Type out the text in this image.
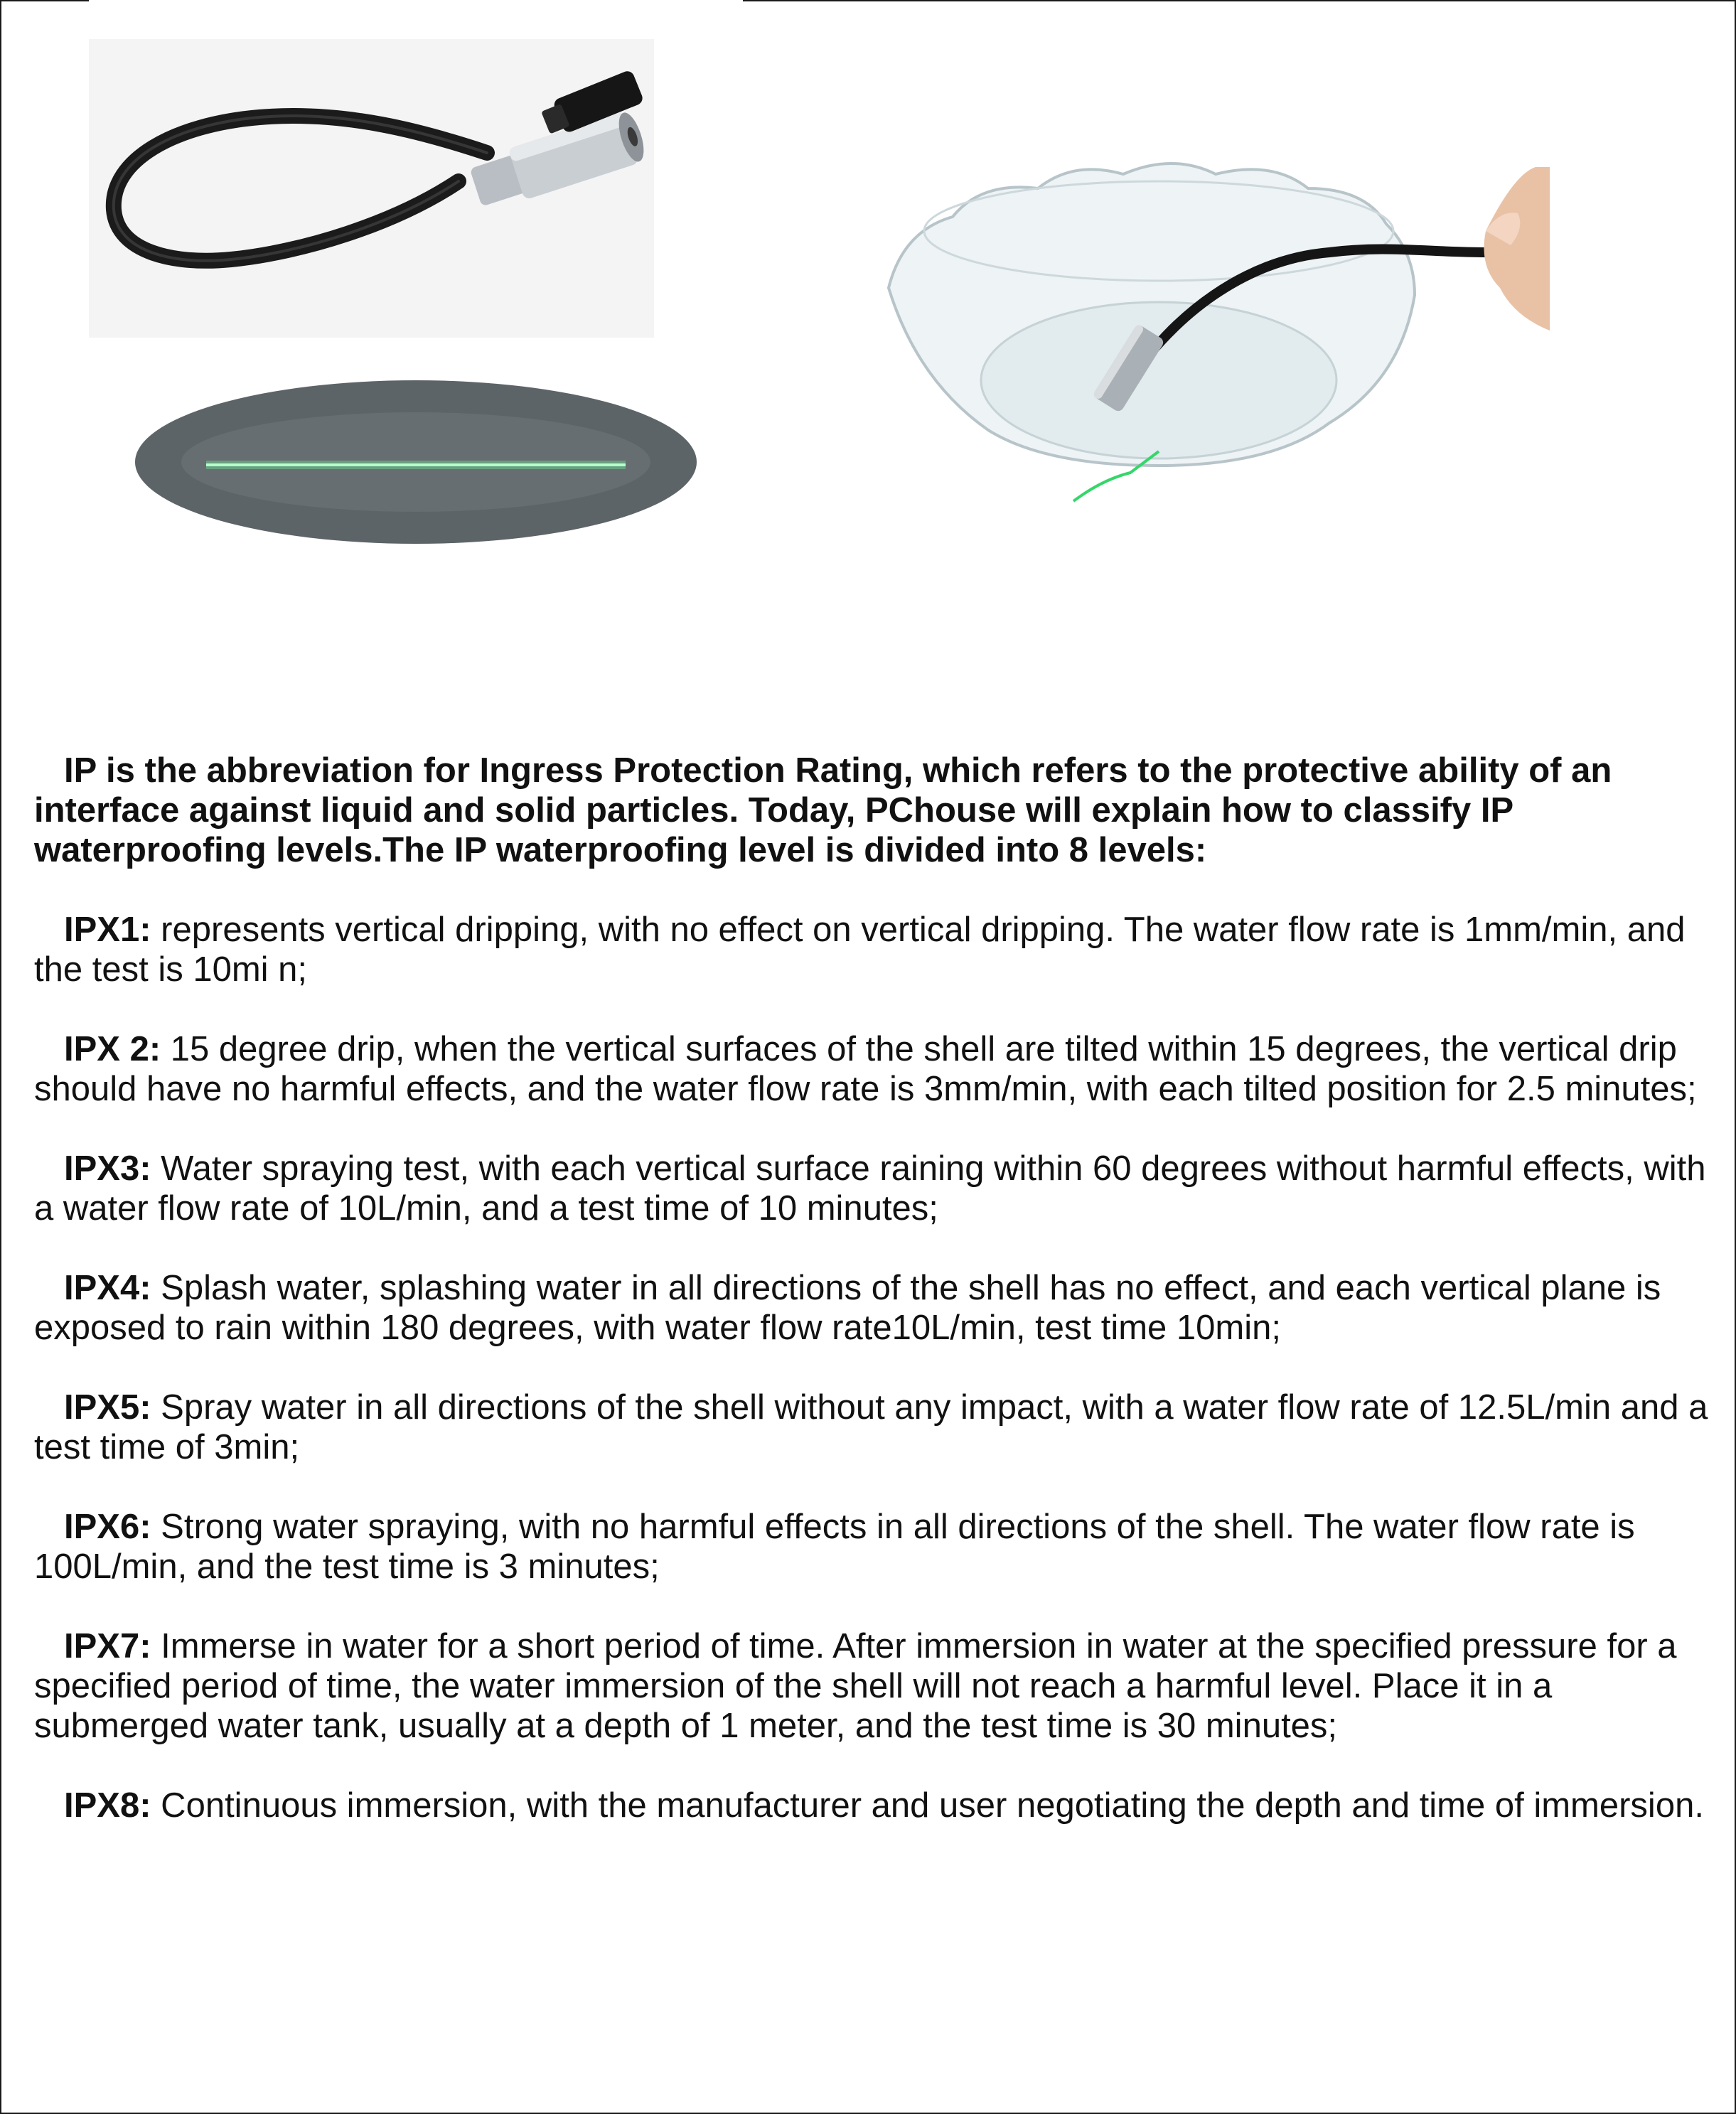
IP is the abbreviation for Ingress Protection Rating, which refers to the protective ability of an interface against liquid and solid particles. Today, PChouse will explain how to classify IP waterproofing levels.The IP waterproofing level is divided into 8 levels:

IPX1: represents vertical dripping, with no effect on vertical dripping. The water flow rate is 1mm/min, and the test is 10mi n;

IPX 2: 15 degree drip, when the vertical surfaces of the shell are tilted within 15 degrees, the vertical drip should have no harmful effects, and the water flow rate is 3mm/min, with each tilted position for 2.5 minutes;

IPX3: Water spraying test, with each vertical surface raining within 60 degrees without harmful effects, with a water flow rate of 10L/min, and a test time of 10 minutes;

IPX4: Splash water, splashing water in all directions of the shell has no effect, and each vertical plane is exposed to rain within 180 degrees, with water flow rate10L/min, test time 10min;

IPX5: Spray water in all directions of the shell without any impact, with a water flow rate of 12.5L/min and a test time of 3min;

IPX6: Strong water spraying, with no harmful effects in all directions of the shell. The water flow rate is 100L/min, and the test time is 3 minutes;

IPX7: Immerse in water for a short period of time. After immersion in water at the specified pressure for a specified period of time, the water immersion of the shell will not reach a harmful level. Place it in a submerged water tank, usually at a depth of 1 meter, and the test time is 30 minutes;

IPX8: Continuous immersion, with the manufacturer and user negotiating the depth and time of immersion.
